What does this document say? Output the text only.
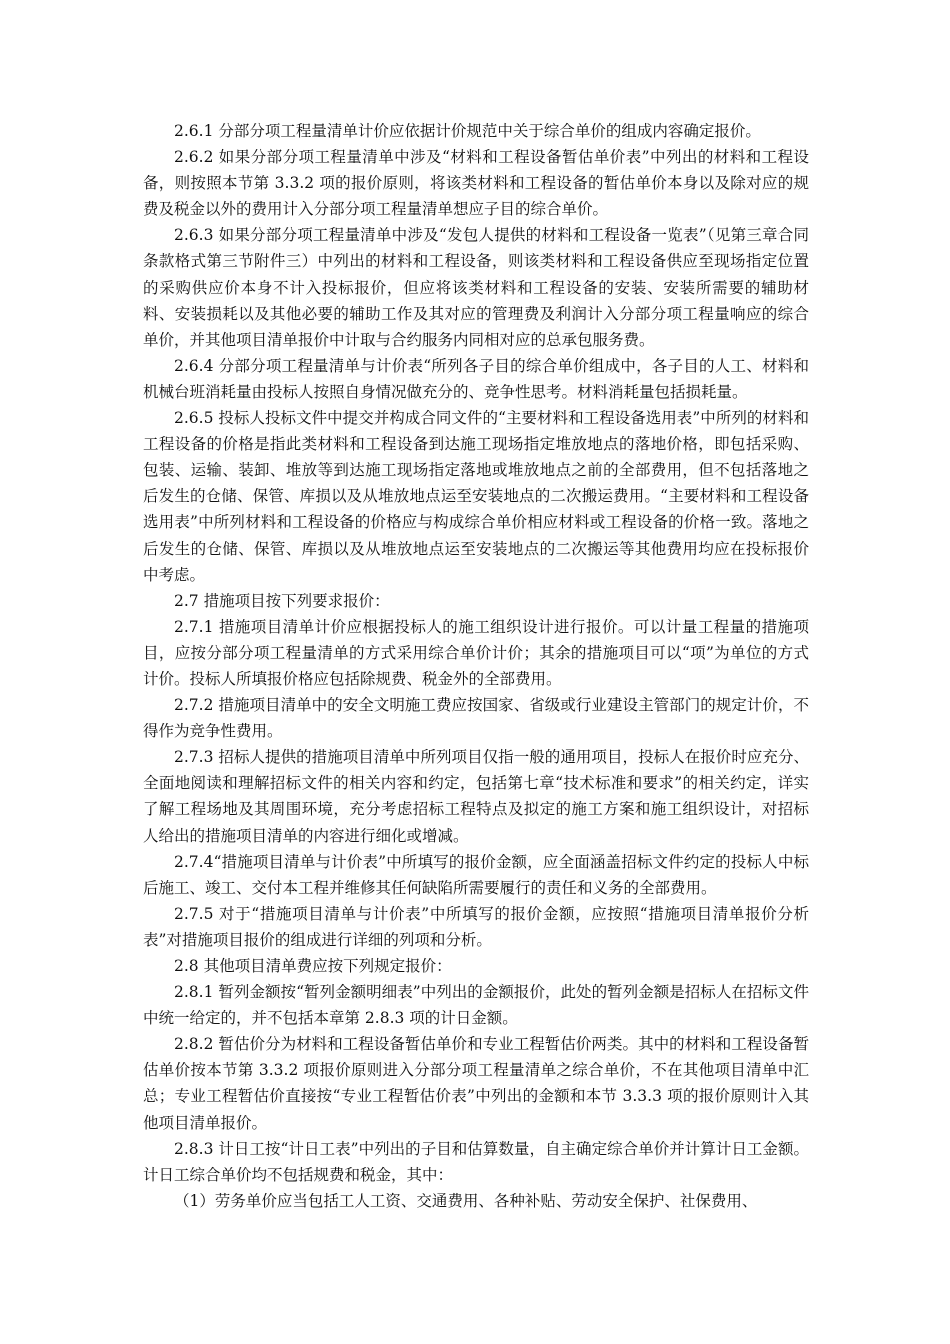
2.6.1 分部分项工程量清单计价应依据计价规范中关于综合单价的组成内容确定报价。

2.6.2 如果分部分项工程量清单中涉及“材料和工程设备暂估单价表”中列出的材料和工程设备，则按照本节第 3.3.2 项的报价原则，将该类材料和工程设备的暂估单价本身以及除对应的规费及税金以外的费用计入分部分项工程量清单想应子目的综合单价。

2.6.3 如果分部分项工程量清单中涉及“发包人提供的材料和工程设备一览表”（见第三章合同条款格式第三节附件三）中列出的材料和工程设备，则该类材料和工程设备供应至现场指定位置的采购供应价本身不计入投标报价，但应将该类材料和工程设备的安装、安装所需要的辅助材料、安装损耗以及其他必要的辅助工作及其对应的管理费及利润计入分部分项工程量响应的综合单价，并其他项目清单报价中计取与合约服务内同相对应的总承包服务费。

2.6.4 分部分项工程量清单与计价表“所列各子目的综合单价组成中，各子目的人工、材料和机械台班消耗量由投标人按照自身情况做充分的、竞争性思考。材料消耗量包括损耗量。

2.6.5 投标人投标文件中提交并构成合同文件的“主要材料和工程设备选用表”中所列的材料和工程设备的价格是指此类材料和工程设备到达施工现场指定堆放地点的落地价格，即包括采购、包装、运输、装卸、堆放等到达施工现场指定落地或堆放地点之前的全部费用，但不包括落地之后发生的仓储、保管、库损以及从堆放地点运至安装地点的二次搬运费用。“主要材料和工程设备选用表”中所列材料和工程设备的价格应与构成综合单价相应材料或工程设备的价格一致。落地之后发生的仓储、保管、库损以及从堆放地点运至安装地点的二次搬运等其他费用均应在投标报价中考虑。

2.7 措施项目按下列要求报价：

2.7.1 措施项目清单计价应根据投标人的施工组织设计进行报价。可以计量工程量的措施项目，应按分部分项工程量清单的方式采用综合单价计价；其余的措施项目可以“项”为单位的方式计价。投标人所填报价格应包括除规费、税金外的全部费用。

2.7.2 措施项目清单中的安全文明施工费应按国家、省级或行业建设主管部门的规定计价，不得作为竞争性费用。

2.7.3 招标人提供的措施项目清单中所列项目仅指一般的通用项目，投标人在报价时应充分、全面地阅读和理解招标文件的相关内容和约定，包括第七章“技术标准和要求”的相关约定，详实了解工程场地及其周围环境，充分考虑招标工程特点及拟定的施工方案和施工组织设计，对招标人给出的措施项目清单的内容进行细化或增减。

2.7.4“措施项目清单与计价表”中所填写的报价金额，应全面涵盖招标文件约定的投标人中标后施工、竣工、交付本工程并维修其任何缺陷所需要履行的责任和义务的全部费用。

2.7.5 对于“措施项目清单与计价表”中所填写的报价金额，应按照“措施项目清单报价分析表”对措施项目报价的组成进行详细的列项和分析。

2.8 其他项目清单费应按下列规定报价：

2.8.1 暂列金额按“暂列金额明细表”中列出的金额报价，此处的暂列金额是招标人在招标文件中统一给定的，并不包括本章第 2.8.3 项的计日金额。

2.8.2 暂估价分为材料和工程设备暂估单价和专业工程暂估价两类。其中的材料和工程设备暂估单价按本节第 3.3.2 项报价原则进入分部分项工程量清单之综合单价，不在其他项目清单中汇总；专业工程暂估价直接按“专业工程暂估价表”中列出的金额和本节 3.3.3 项的报价原则计入其他项目清单报价。

2.8.3 计日工按“计日工表”中列出的子目和估算数量，自主确定综合单价并计算计日工金额。计日工综合单价均不包括规费和税金，其中：

（1）劳务单价应当包括工人工资、交通费用、各种补贴、劳动安全保护、社保费用、
